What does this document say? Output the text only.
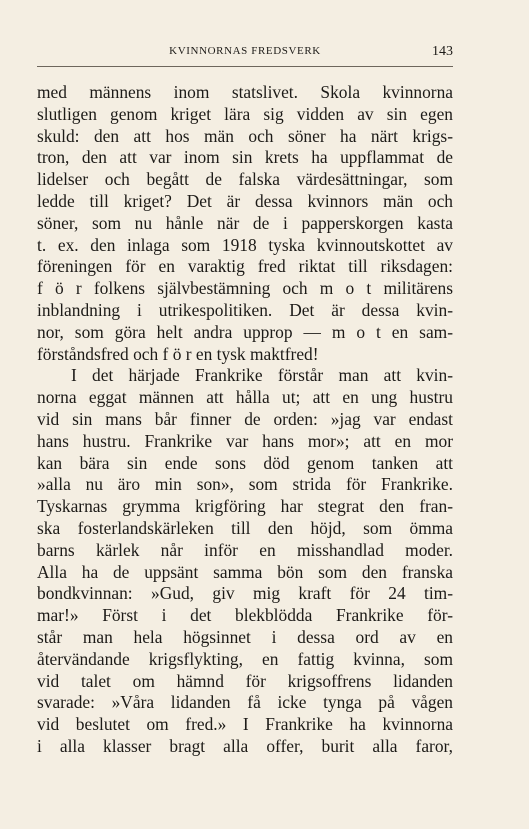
KVINNORNAS FREDSVERK	143
med männens inom statslivet. Skola kvinnorna
slutligen genom kriget lära sig vidden av sin egen
skuld: den att hos män och söner ha närt krigs-
tron, den att var inom sin krets ha uppflammat de
lidelser och begått de falska värdesättningar, som
ledde till kriget? Det är dessa kvinnors män och
söner, som nu hånle när de i papperskorgen kasta
t. ex. den inlaga som 1918 tyska kvinnoutskottet av
föreningen för en varaktig fred riktat till riksdagen:
f ö r folkens självbestämning och m o t militärens
inblandning i utrikespolitiken. Det är dessa kvin-
nor, som göra helt andra upprop — m o t en sam-
förståndsfred och f ö r en tysk maktfred!
I det härjade Frankrike förstår man att kvin-
norna eggat männen att hålla ut; att en ung hustru
vid sin mans bår finner de orden: »jag var endast
hans hustru. Frankrike var hans mor»; att en mor
kan bära sin ende sons död genom tanken att
»alla nu äro min son», som strida för Frankrike.
Tyskarnas grymma krigföring har stegrat den fran-
ska fosterlandskärleken till den höjd, som ömma
barns kärlek når inför en misshandlad moder.
Alla ha de uppsänt samma bön som den franska
bondkvinnan: »Gud, giv mig kraft för 24 tim-
mar!» Först i det blekblödda Frankrike för-
står man hela högsinnet i dessa ord av en
återvändande krigsflykting, en fattig kvinna, som
vid talet om hämnd för krigsoffrens lidanden
svarade: »Våra lidanden få icke tynga på vågen
vid beslutet om fred.» I Frankrike ha kvinnorna
i alla klasser bragt alla offer, burit alla faror,
